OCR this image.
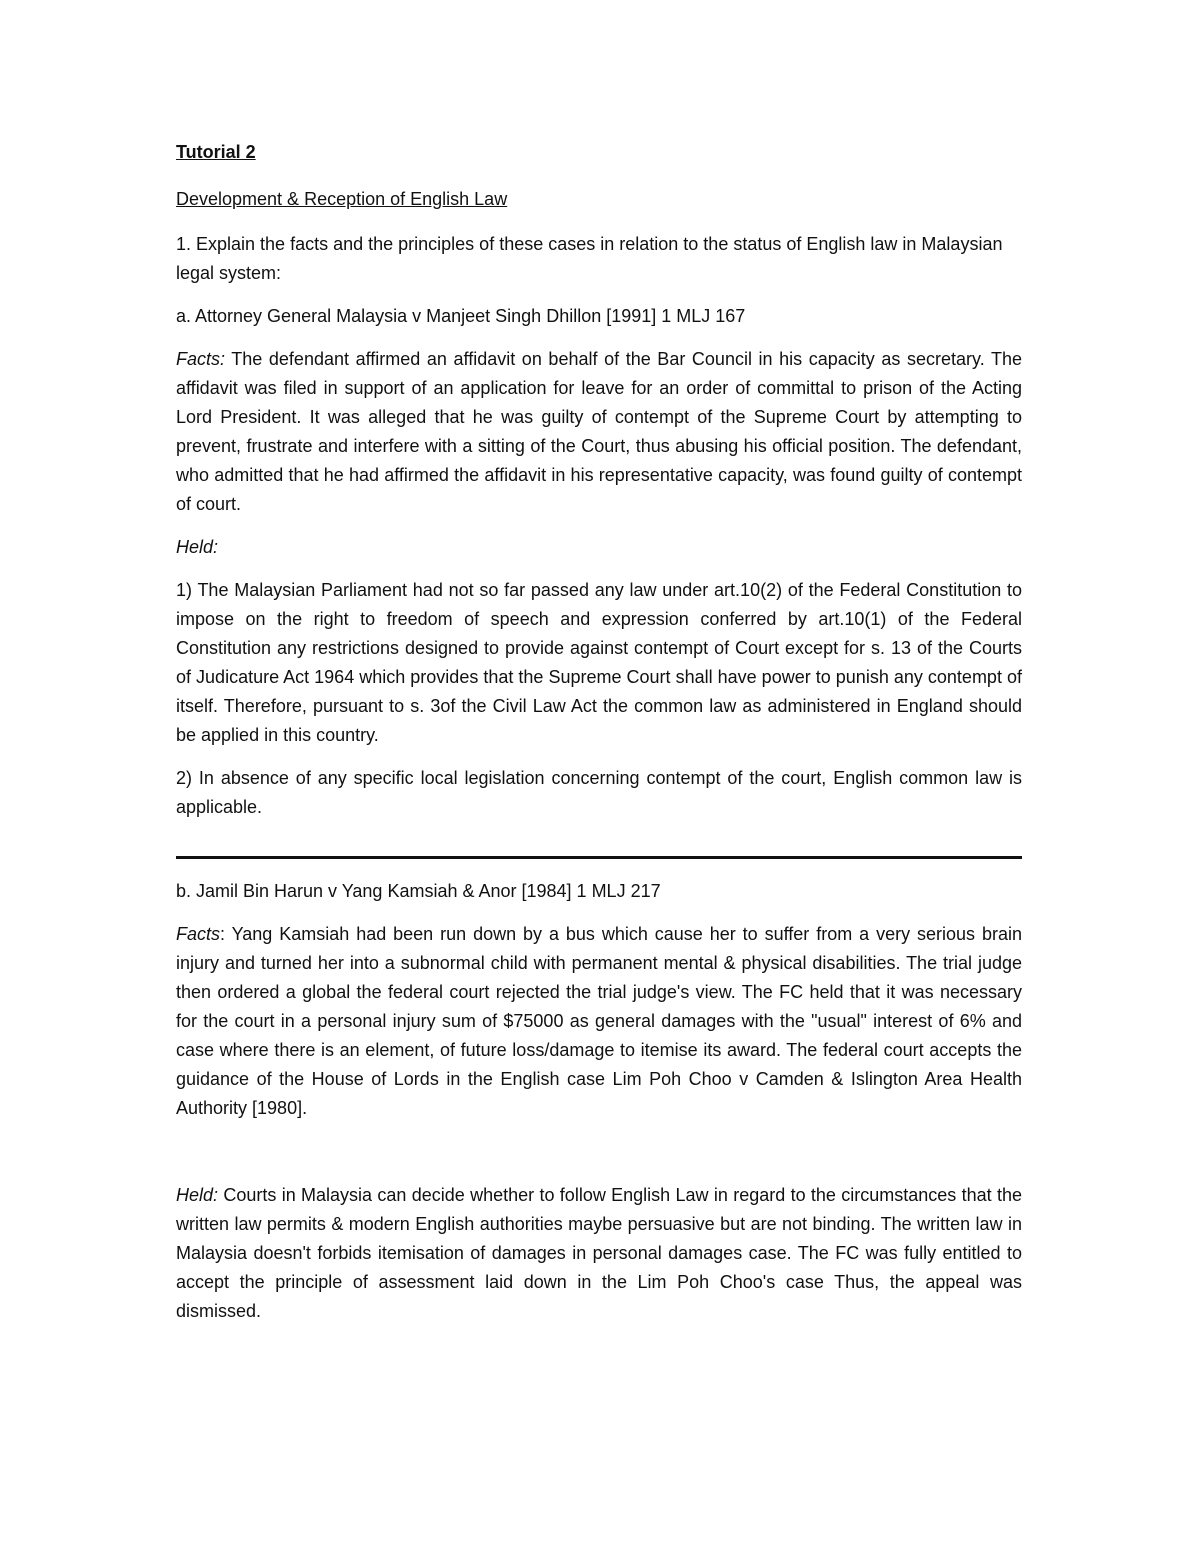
Tutorial 2
Development & Reception of English Law

1. Explain the facts and the principles of these cases in relation to the status of English law in Malaysian legal system:

a. Attorney General Malaysia v Manjeet Singh Dhillon [1991] 1 MLJ 167

Facts: The defendant affirmed an affidavit on behalf of the Bar Council in his capacity as secretary. The affidavit was filed in support of an application for leave for an order of committal to prison of the Acting Lord President. It was alleged that he was guilty of contempt of the Supreme Court by attempting to prevent, frustrate and interfere with a sitting of the Court, thus abusing his official position. The defendant, who admitted that he had affirmed the affidavit in his representative capacity, was found guilty of contempt of court.

Held:

1) The Malaysian Parliament had not so far passed any law under art.10(2) of the Federal Constitution to impose on the right to freedom of speech and expression conferred by art.10(1) of the Federal Constitution any restrictions designed to provide against contempt of Court except for s. 13 of the Courts of Judicature Act 1964 which provides that the Supreme Court shall have power to punish any contempt of itself. Therefore, pursuant to s. 3of the Civil Law Act the common law as administered in England should be applied in this country.

2) In absence of any specific local legislation concerning contempt of the court, English common law is applicable.

b. Jamil Bin Harun v Yang Kamsiah & Anor [1984] 1 MLJ 217

Facts: Yang Kamsiah had been run down by a bus which cause her to suffer from a very serious brain injury and turned her into a subnormal child with permanent mental & physical disabilities. The trial judge then ordered a global the federal court rejected the trial judge's view. The FC held that it was necessary for the court in a personal injury sum of $75000 as general damages with the "usual" interest of 6% and case where there is an element, of future loss/damage to itemise its award. The federal court accepts the guidance of the House of Lords in the English case Lim Poh Choo v Camden & Islington Area Health Authority [1980].

Held: Courts in Malaysia can decide whether to follow English Law in regard to the circumstances that the written law permits & modern English authorities maybe persuasive but are not binding. The written law in Malaysia doesn't forbids itemisation of damages in personal damages case. The FC was fully entitled to accept the principle of assessment laid down in the Lim Poh Choo's case Thus, the appeal was dismissed.
